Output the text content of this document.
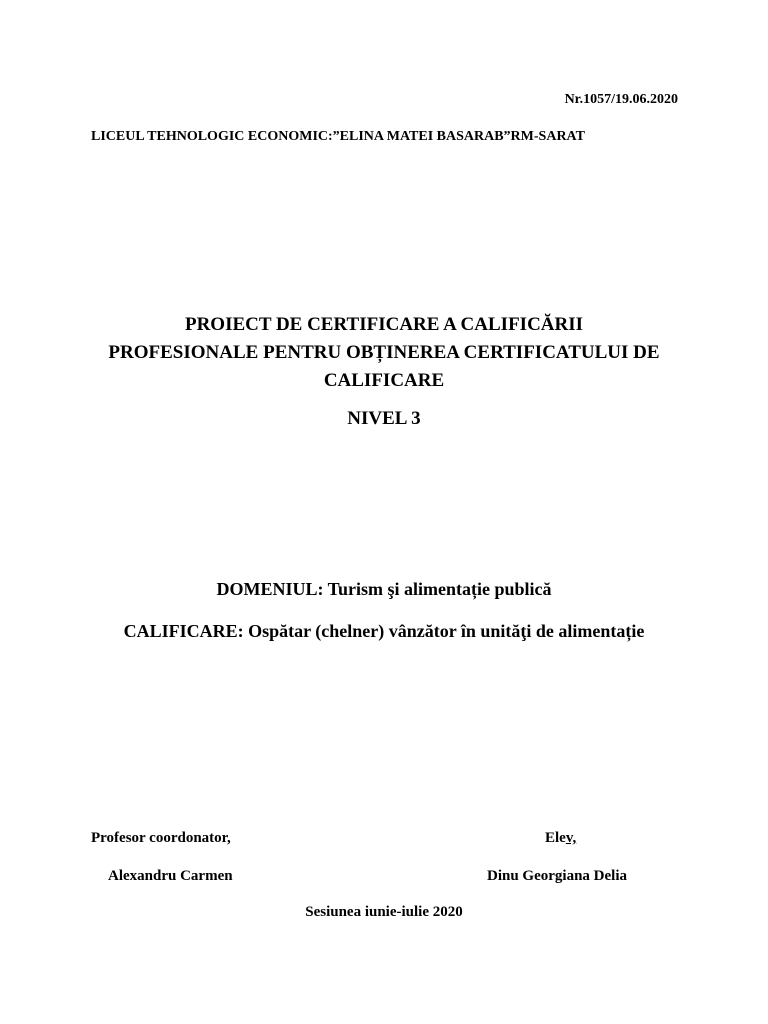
Nr.1057/19.06.2020
LICEUL TEHNOLOGIC ECONOMIC:”ELINA MATEI BASARAB”RM-SARAT
PROIECT DE CERTIFICARE A CALIFICĂRII
PROFESIONALE PENTRU OBȚINEREA CERTIFICATULUI DE
CALIFICARE
NIVEL 3
DOMENIUL: Turism şi alimentație publică
CALIFICARE: Ospătar (chelner) vânzător în unităţi de alimentație
Profesor coordonator,	Elev,
Alexandru Carmen	Dinu Georgiana Delia
Sesiunea iunie-iulie 2020
